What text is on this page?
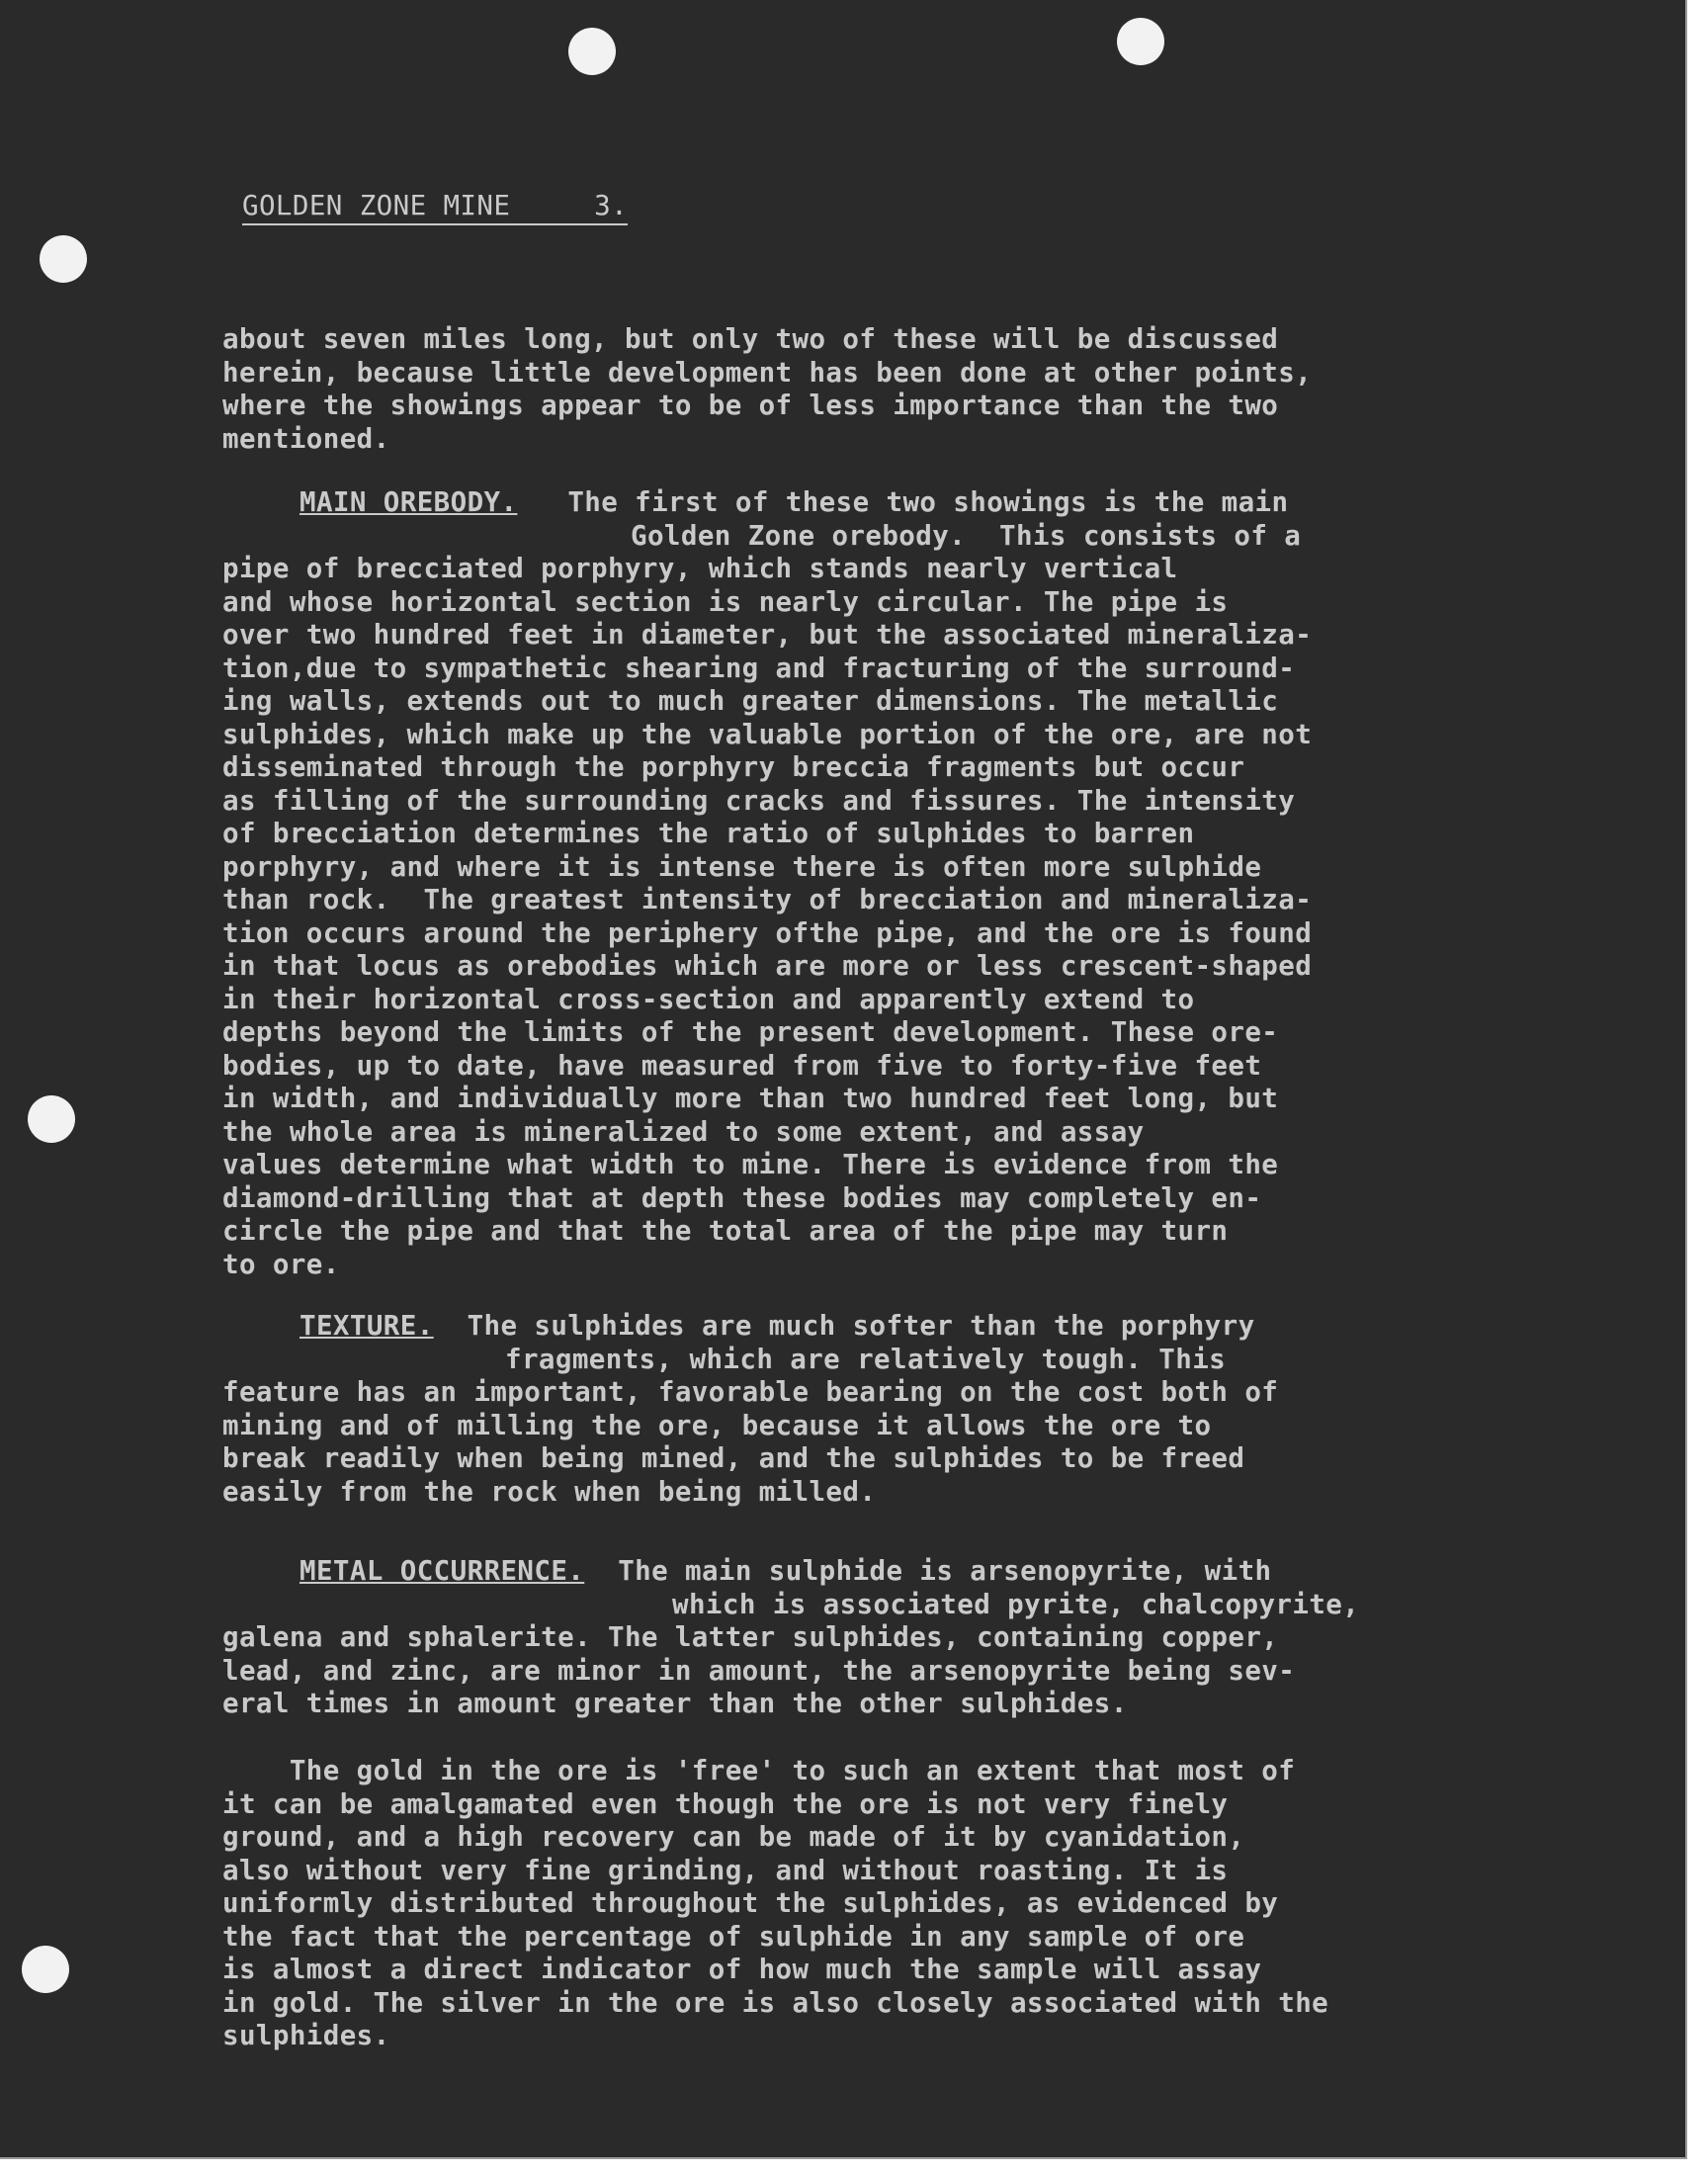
GOLDEN ZONE MINE	3.
about seven miles long, but only two of these will be discussed
herein, because little development has been done at other points,
where the showings appear to be of less importance than the two
mentioned.
MAIN OREBODY. The first of these two showings is the main
Golden Zone orebody.  This consists of a
pipe of brecciated porphyry, which stands nearly vertical
and whose horizontal section is nearly circular. The pipe is
over two hundred feet in diameter, but the associated mineraliza-
tion,due to sympathetic shearing and fracturing of the surround-
ing walls, extends out to much greater dimensions. The metallic
sulphides, which make up the valuable portion of the ore, are not
disseminated through the porphyry breccia fragments but occur
as filling of the surrounding cracks and fissures. The intensity
of brecciation determines the ratio of sulphides to barren
porphyry, and where it is intense there is often more sulphide
than rock.  The greatest intensity of brecciation and mineraliza-
tion occurs around the periphery ofthe pipe, and the ore is found
in that locus as orebodies which are more or less crescent-shaped
in their horizontal cross-section and apparently extend to
depths beyond the limits of the present development. These ore-
bodies, up to date, have measured from five to forty-five feet
in width, and individually more than two hundred feet long, but
the whole area is mineralized to some extent, and assay
values determine what width to mine. There is evidence from the
diamond-drilling that at depth these bodies may completely en-
circle the pipe and that the total area of the pipe may turn
to ore.
TEXTURE. The sulphides are much softer than the porphyry
fragments, which are relatively tough. This
feature has an important, favorable bearing on the cost both of
mining and of milling the ore, because it allows the ore to
break readily when being mined, and the sulphides to be freed
easily from the rock when being milled.
METAL OCCURRENCE. The main sulphide is arsenopyrite, with
which is associated pyrite, chalcopyrite,
galena and sphalerite. The latter sulphides, containing copper,
lead, and zinc, are minor in amount, the arsenopyrite being sev-
eral times in amount greater than the other sulphides.
The gold in the ore is 'free' to such an extent that most of
it can be amalgamated even though the ore is not very finely
ground, and a high recovery can be made of it by cyanidation,
also without very fine grinding, and without roasting. It is
uniformly distributed throughout the sulphides, as evidenced by
the fact that the percentage of sulphide in any sample of ore
is almost a direct indicator of how much the sample will assay
in gold. The silver in the ore is also closely associated with the
sulphides.
